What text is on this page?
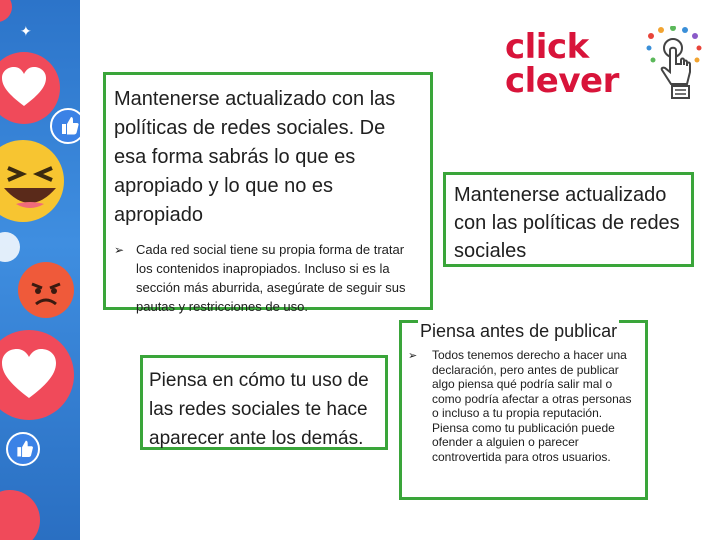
✦	click
clever
Mantenerse actualizado con las políticas de redes sociales. De esa forma sabrás lo que es apropiado y lo que no es apropiado
➢ Cada red social tiene su propia forma de tratar los contenidos inapropiados. Incluso si es la sección más aburrida, asegúrate de seguir sus pautas y restricciones de uso.
Mantenerse actualizado con las políticas de redes sociales
Piensa en cómo tu uso de las redes sociales te hace aparecer ante los demás.
Piensa antes de publicar
➢	Todos tenemos derecho a hacer una declaración, pero antes de publicar algo piensa qué podría salir mal o como podría afectar a otras personas o incluso a tu propia reputación. Piensa como tu publicación puede ofender a alguien o parecer controvertida para otros usuarios.
